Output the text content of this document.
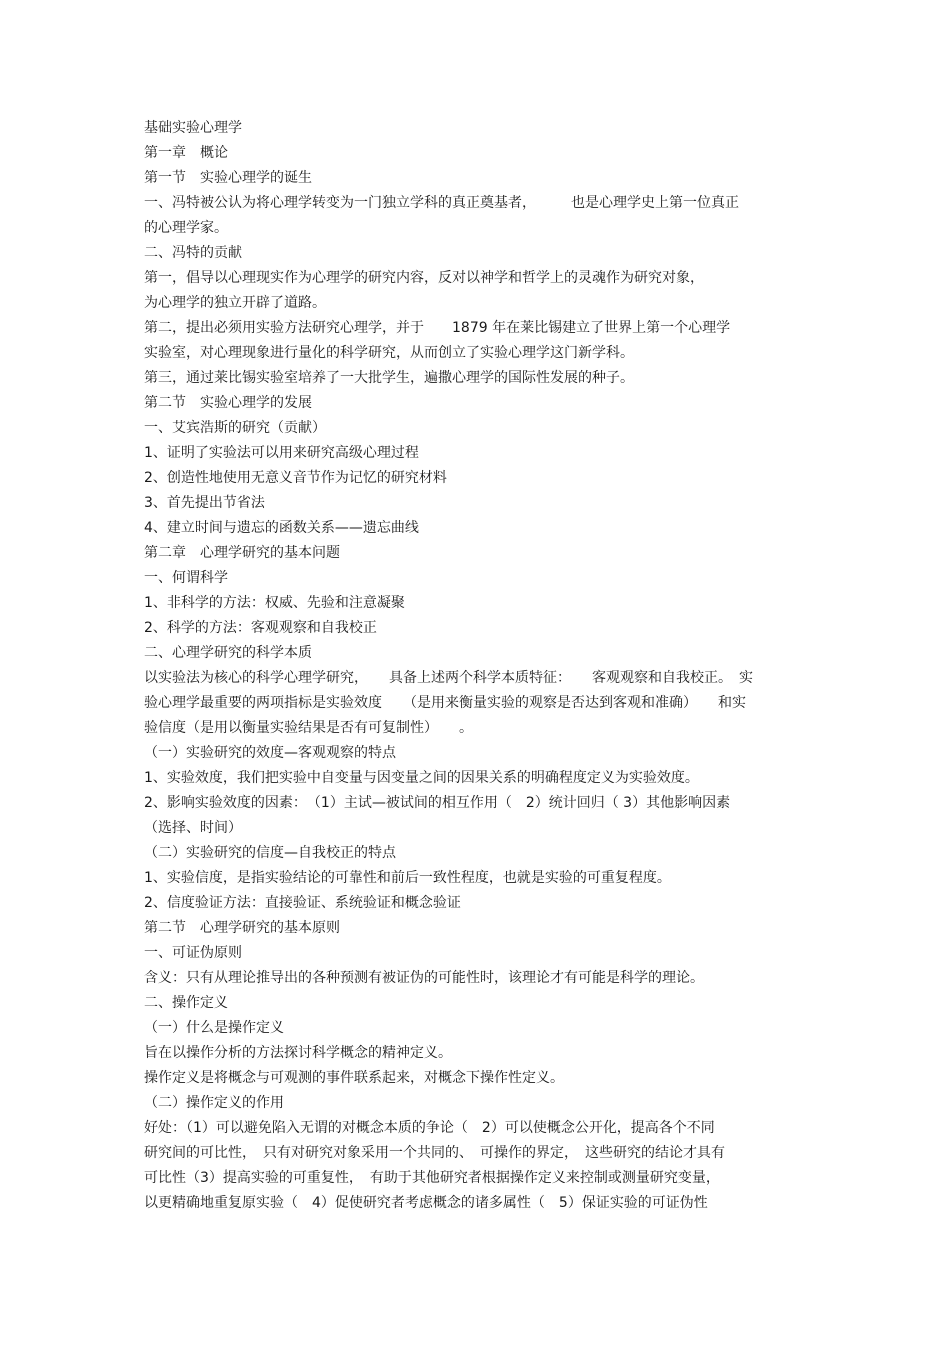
基础实验心理学
第一章　概论
第一节　实验心理学的诞生
一、冯特被公认为将心理学转变为一门独立学科的真正奠基者，　　　也是心理学史上第一位真正
的心理学家。
二、冯特的贡献
第一，倡导以心理现实作为心理学的研究内容，反对以神学和哲学上的灵魂作为研究对象，
为心理学的独立开辟了道路。
第二，提出必须用实验方法研究心理学，并于　　1879 年在莱比锡建立了世界上第一个心理学
实验室，对心理现象进行量化的科学研究，从而创立了实验心理学这门新学科。
第三，通过莱比锡实验室培养了一大批学生，遍撒心理学的国际性发展的种子。
第二节　实验心理学的发展
一、艾宾浩斯的研究（贡献）
1、证明了实验法可以用来研究高级心理过程
2、创造性地使用无意义音节作为记忆的研究材料
3、首先提出节省法
4、建立时间与遗忘的函数关系——遗忘曲线
第二章　心理学研究的基本问题
一、何谓科学
1、非科学的方法：权威、先验和注意凝聚
2、科学的方法：客观观察和自我校正
二、心理学研究的科学本质
以实验法为核心的科学心理学研究，　　具备上述两个科学本质特征：　　客观观察和自我校正。　实
验心理学最重要的两项指标是实验效度　　（是用来衡量实验的观察是否达到客观和准确）　　和实
验信度（是用以衡量实验结果是否有可复制性）　　。
（一）实验研究的效度—客观观察的特点
1、实验效度，我们把实验中自变量与因变量之间的因果关系的明确程度定义为实验效度。
2、影响实验效度的因素：　（1）主试—被试间的相互作用（　2）统计回归（ 3）其他影响因素
（选择、时间）
（二）实验研究的信度—自我校正的特点
1、实验信度，是指实验结论的可靠性和前后一致性程度，也就是实验的可重复程度。
2、信度验证方法：直接验证、系统验证和概念验证
第二节　心理学研究的基本原则
一、可证伪原则
含义：只有从理论推导出的各种预测有被证伪的可能性时，该理论才有可能是科学的理论。
二、操作定义
（一）什么是操作定义
旨在以操作分析的方法探讨科学概念的精神定义。
操作定义是将概念与可观测的事件联系起来，对概念下操作性定义。
（二）操作定义的作用
好处：（1）可以避免陷入无谓的对概念本质的争论（　2）可以使概念公开化，提高各个不同
研究间的可比性，　只有对研究对象采用一个共同的、　可操作的界定，　这些研究的结论才具有
可比性（3）提高实验的可重复性，　有助于其他研究者根据操作定义来控制或测量研究变量，
以更精确地重复原实验（　4）促使研究者考虑概念的诸多属性（　5）保证实验的可证伪性
